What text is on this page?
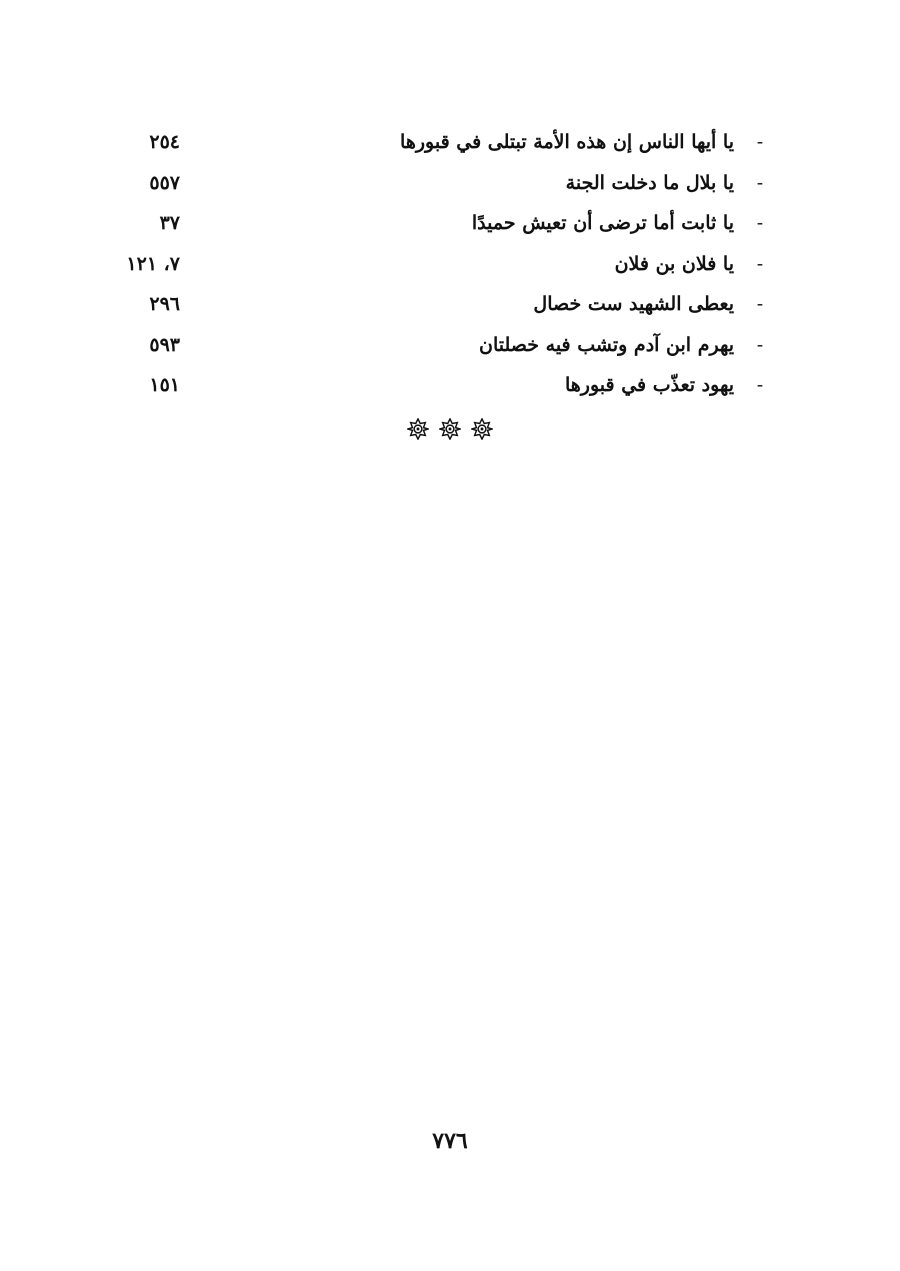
-
يا أيها الناس إن هذه الأمة تبتلى في قبورها
٢٥٤
-
يا بلال ما دخلت الجنة
٥٥٧
-
يا ثابت أما ترضى أن تعيش حميدًا
٣٧
-
يا فلان بن فلان
٧، ١٢١
-
يعطى الشهيد ست خصال
٢٩٦
-
يهرم ابن آدم وتشب فيه خصلتان
٥٩٣
-
يهود تعذّب في قبورها
١٥١
٧٧٦
